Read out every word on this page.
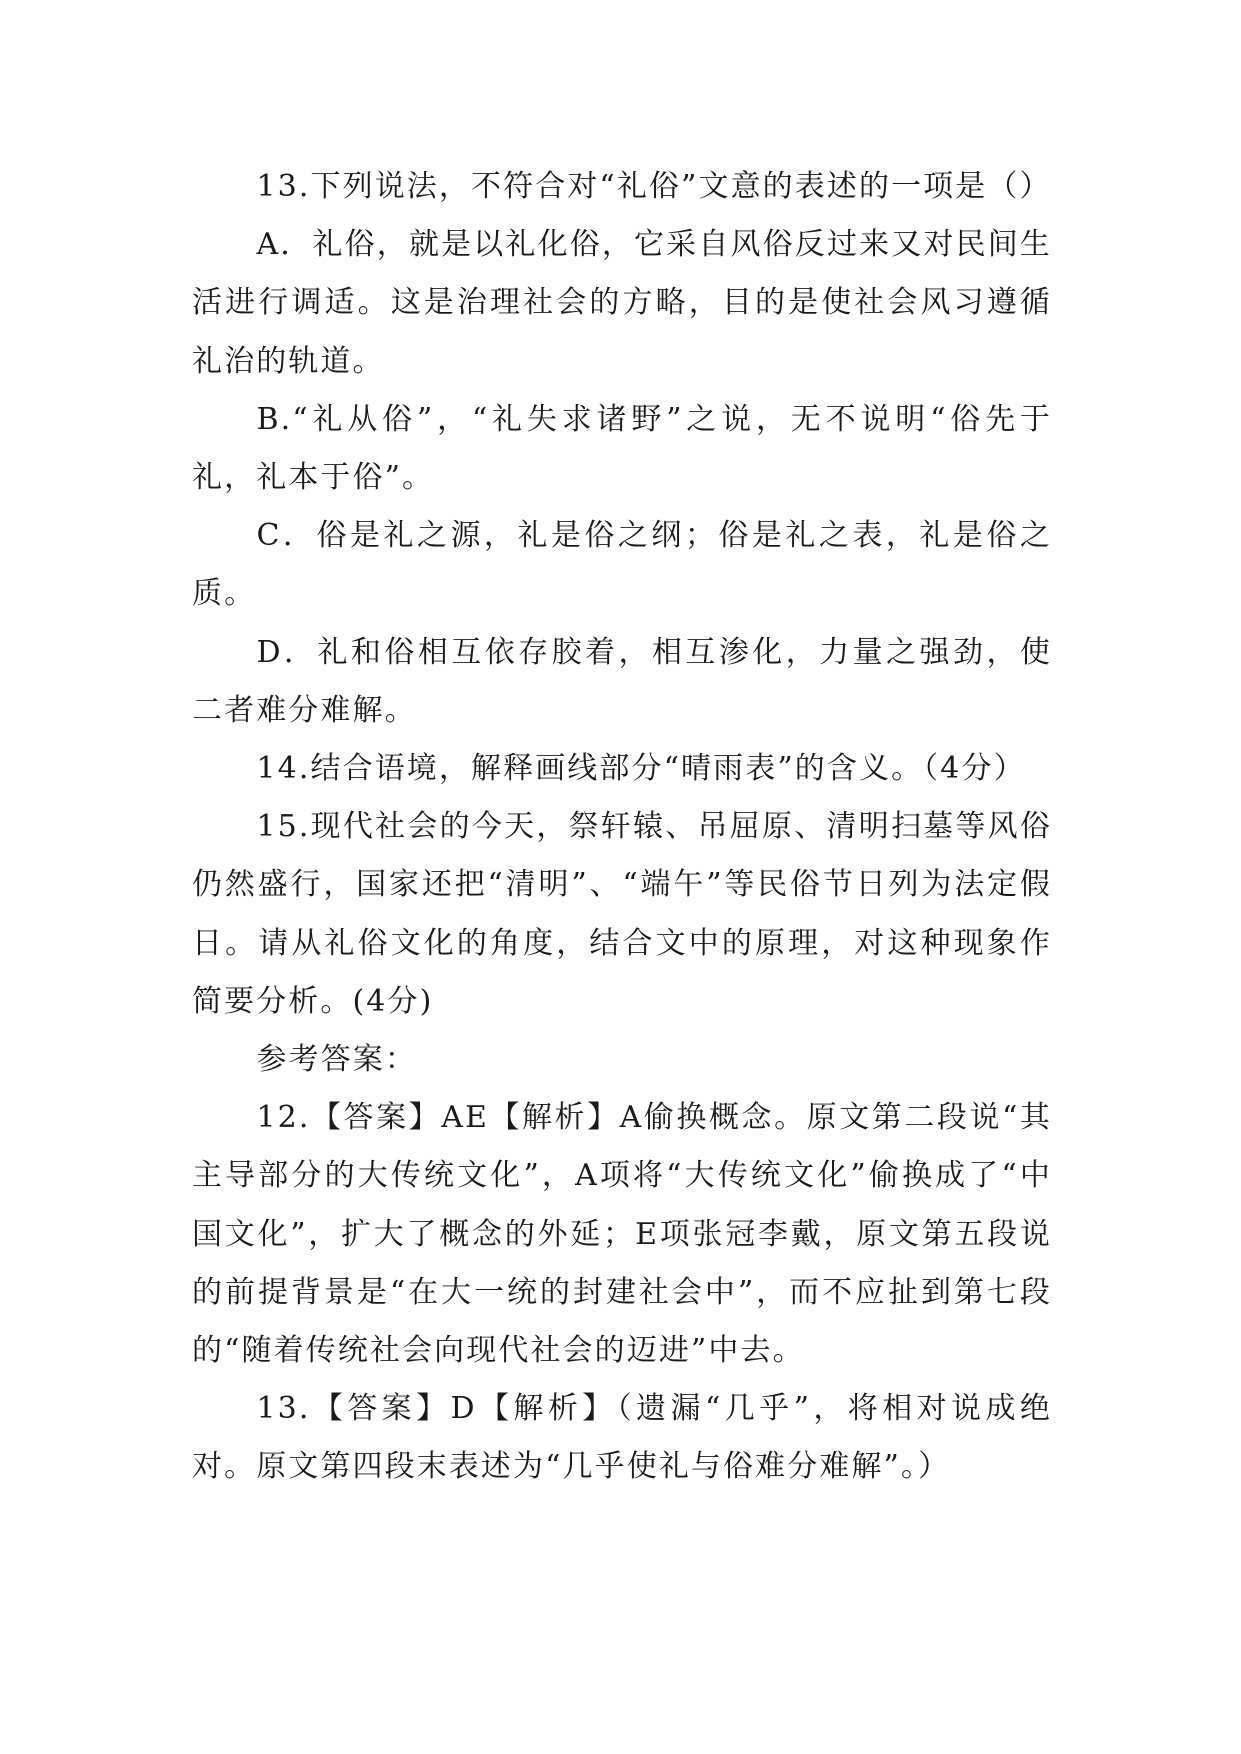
13.下列说法，不符合对“礼俗”文意的表述的一项是（）

A．礼俗，就是以礼化俗，它采自风俗反过来又对民间生活进行调适。这是治理社会的方略，目的是使社会风习遵循礼治的轨道。

B.“礼从俗”，“礼失求诸野”之说，无不说明“俗先于礼，礼本于俗”。

C．俗是礼之源，礼是俗之纲；俗是礼之表，礼是俗之质。

D．礼和俗相互依存胶着，相互渗化，力量之强劲，使二者难分难解。

14.结合语境，解释画线部分“晴雨表”的含义。（4分）

15.现代社会的今天，祭轩辕、吊屈原、清明扫墓等风俗仍然盛行，国家还把“清明”、“端午”等民俗节日列为法定假日。请从礼俗文化的角度，结合文中的原理，对这种现象作简要分析。(4分)

参考答案：

12.【答案】AE【解析】A偷换概念。原文第二段说“其主导部分的大传统文化”，A项将“大传统文化”偷换成了“中国文化”，扩大了概念的外延；E项张冠李戴，原文第五段说的前提背景是“在大一统的封建社会中”，而不应扯到第七段的“随着传统社会向现代社会的迈进”中去。

13.【答案】D【解析】（遗漏“几乎”，将相对说成绝对。原文第四段末表述为“几乎使礼与俗难分难解”。）
